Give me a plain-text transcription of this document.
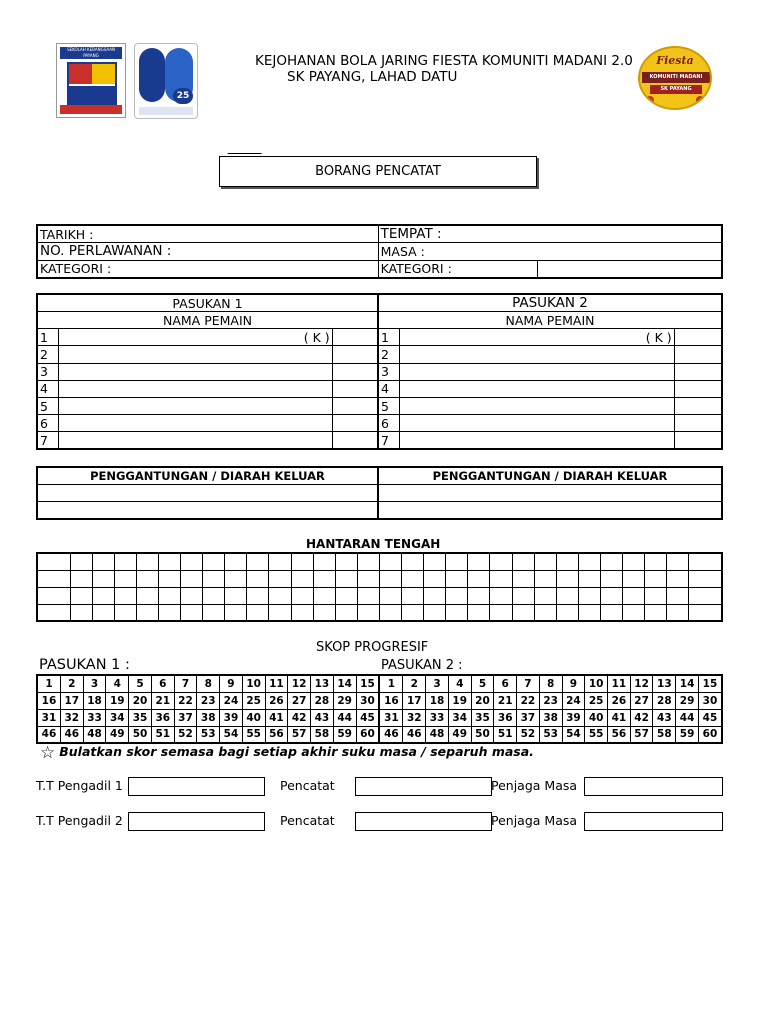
SEKOLAH KEBANGSAAN PAYANG
25
Fiesta
KOMUNITI MADANI
SK PAYANG
KEJOHANAN BOLA JARING FIESTA KOMUNITI MADANI 2.0
SK PAYANG, LAHAD DATU
BORANG PENCATAT
TARIKH :	TEMPAT :	
NO. PERLAWANAN :	MASA :	
KATEGORI :	KATEGORI :	
PASUKAN 1			PASUKAN 2		
NAMA PEMAIN			NAMA PEMAIN		
1	( K )		1	( K )	
2			2		
3			3		
4			4		
5			5		
6			6		
7			7		
PENGGANTUNGAN / DIARAH KELUAR	PENGGANTUNGAN / DIARAH KELUAR

HANTARAN TENGAH

SKOP PROGRESIF
PASUKAN 1 :	PASUKAN 2 :
1	2	3	4	5	6	7	8	9	10	11	12	13	14	15	1	2	3	4	5	6	7	8	9	10	11	12	13	14	15
16	17	18	19	20	21	22	23	24	25	26	27	28	29	30	16	17	18	19	20	21	22	23	24	25	26	27	28	29	30
31	32	33	34	35	36	37	38	39	40	41	42	43	44	45	31	32	33	34	35	36	37	38	39	40	41	42	43	44	45
46	46	48	49	50	51	52	53	54	55	56	57	58	59	60	46	46	48	49	50	51	52	53	54	55	56	57	58	59	60
☆ Bulatkan skor semasa bagi setiap akhir suku masa / separuh masa.
T.T Pengadil 1	Pencatat	Penjaga Masa
T.T Pengadil 2	Pencatat	Penjaga Masa
